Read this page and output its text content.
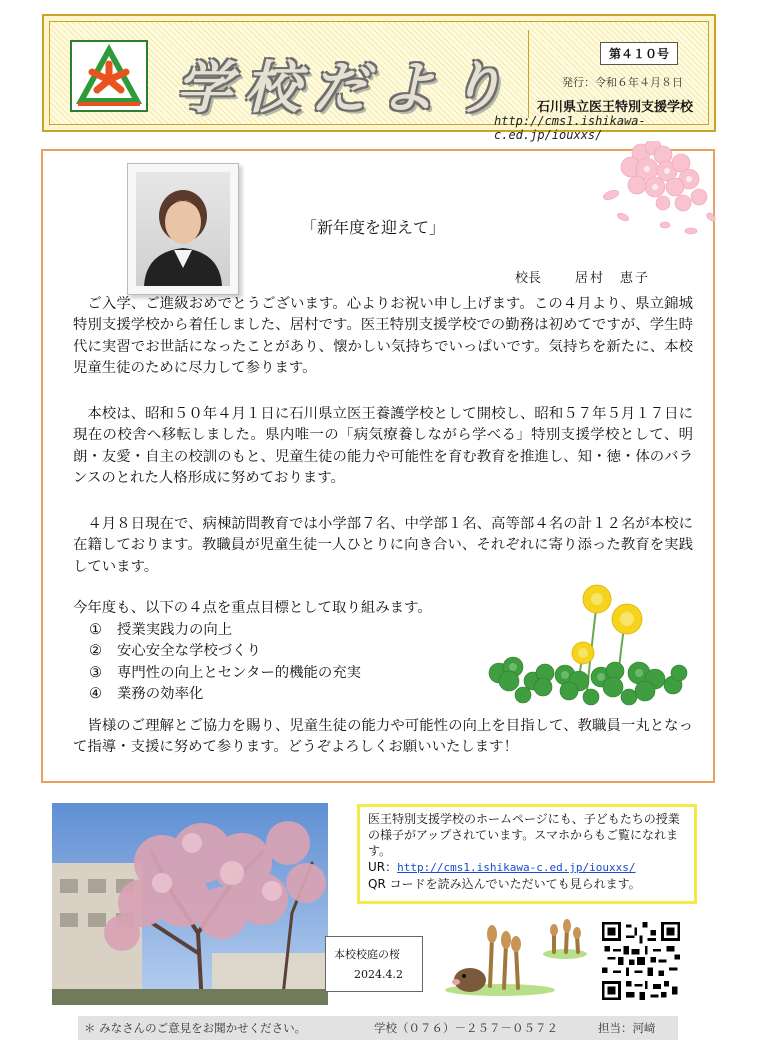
学校だより
第４１０号
発行：令和６年４月８日
石川県立医王特別支援学校
http://cms1.ishikawa-c.ed.jp/iouxxs/
「新年度を迎えて」
校長	居村　恵子

ご入学、ご進級おめでとうございます。心よりお祝い申し上げます。この４月より、県立錦城特別支援学校から着任しました、居村です。医王特別支援学校での勤務は初めてですが、学生時代に実習でお世話になったことがあり、懐かしい気持ちでいっぱいです。気持ちを新たに、本校児童生徒のために尽力して参ります。

本校は、昭和５０年４月１日に石川県立医王養護学校として開校し、昭和５７年５月１７日に現在の校舎へ移転しました。県内唯一の「病気療養しながら学べる」特別支援学校として、明朗・友愛・自主の校訓のもと、児童生徒の能力や可能性を育む教育を推進し、知・徳・体のバランスのとれた人格形成に努めております。

４月８日現在で、病棟訪問教育では小学部７名、中学部１名、高等部４名の計１２名が本校に在籍しております。教職員が児童生徒一人ひとりに向き合い、それぞれに寄り添った教育を実践しています。

今年度も、以下の４点を重点目標として取り組みます。

① 授業実践力の向上
② 安心安全な学校づくり
③ 専門性の向上とセンター的機能の充実
④ 業務の効率化

皆様のご理解とご協力を賜り、児童生徒の能力や可能性の向上を目指して、教職員一丸となって指導・支援に努めて参ります。どうぞよろしくお願いいたします！

本校校庭の桜
2024.4.2

医王特別支援学校のホームページにも、子どもたちの授業の様子がアップされています。スマホからもご覧になれます。

UR：http://cms1.ishikawa-c.ed.jp/iouxxs/

QR コードを読み込んでいただいても見られます。

＊ みなさんのご意見をお聞かせください。	学校（０７６）－２５７－０５７２	担当：河﨑
